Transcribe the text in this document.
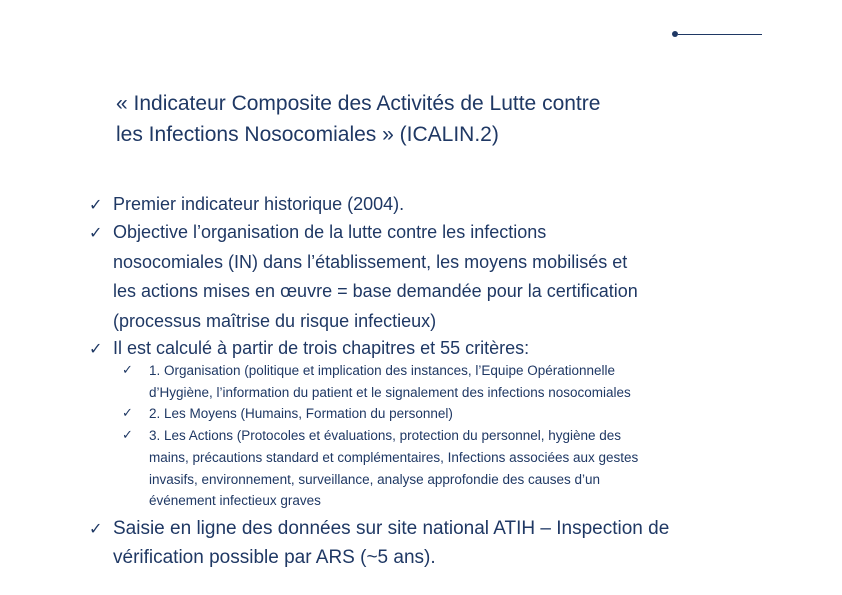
« Indicateur Composite des Activités de Lutte contre
les Infections Nosocomiales » (ICALIN.2)
✓ Premier indicateur historique (2004).
✓ Objective l’organisation de la lutte contre les infections
nosocomiales (IN) dans l’établissement, les moyens mobilisés et
les actions mises en œuvre = base demandée pour la certification
(processus maîtrise du risque infectieux)
✓ Il est calculé à partir de trois chapitres et 55 critères:
✓ 1. Organisation (politique et implication des instances, l’Equipe Opérationnelle
d’Hygiène, l’information du patient et le signalement des infections nosocomiales
✓ 2. Les Moyens (Humains, Formation du personnel)
✓ 3. Les Actions (Protocoles et évaluations, protection du personnel, hygiène des
mains, précautions standard et complémentaires, Infections associées aux gestes
invasifs, environnement, surveillance, analyse approfondie des causes d’un
événement infectieux graves
✓ Saisie en ligne des données sur site national ATIH – Inspection de
vérification possible par ARS (~5 ans).
